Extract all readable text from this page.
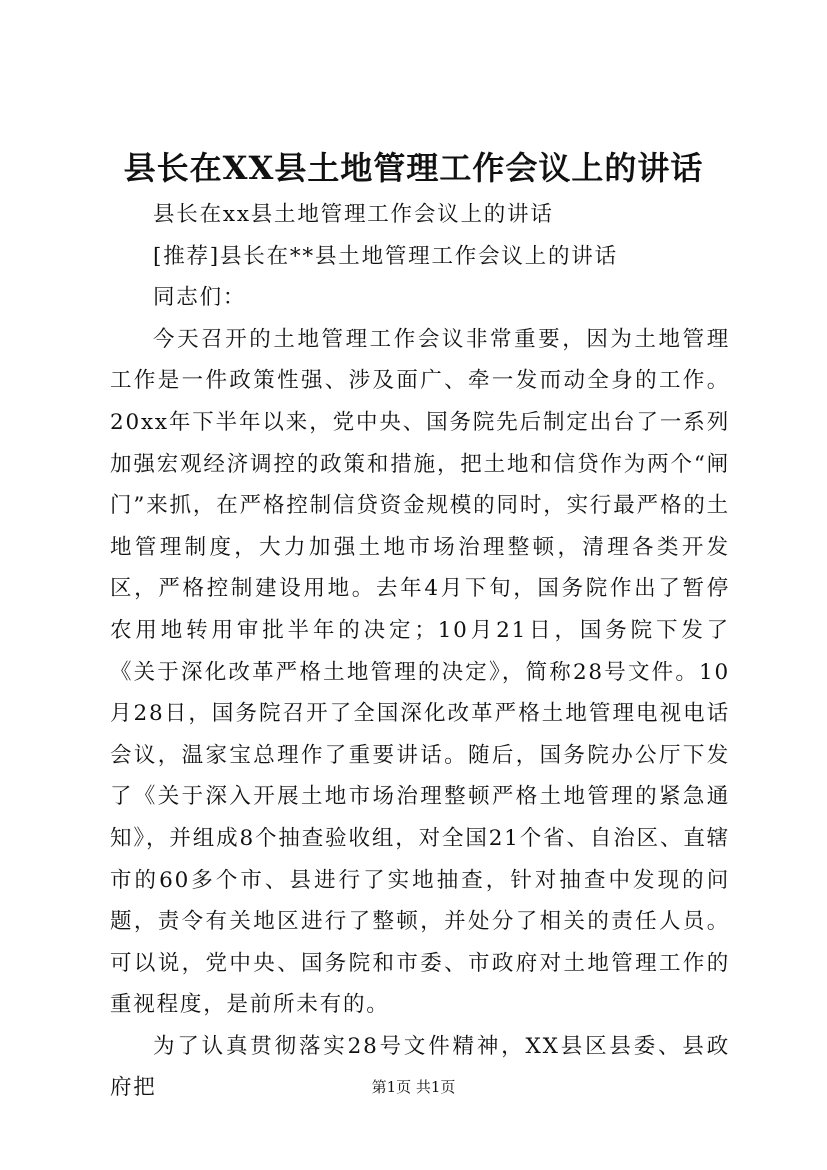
县长在XX县土地管理工作会议上的讲话

县长在xx县土地管理工作会议上的讲话

[推荐]县长在**县土地管理工作会议上的讲话

同志们：

今天召开的土地管理工作会议非常重要，因为土地管理工作是一件政策性强、涉及面广、牵一发而动全身的工作。20xx年下半年以来，党中央、国务院先后制定出台了一系列加强宏观经济调控的政策和措施，把土地和信贷作为两个“闸门”来抓，在严格控制信贷资金规模的同时，实行最严格的土地管理制度，大力加强土地市场治理整顿，清理各类开发区，严格控制建设用地。去年4月下旬，国务院作出了暂停农用地转用审批半年的决定；10月21日，国务院下发了《关于深化改革严格土地管理的决定》，简称28号文件。10月28日，国务院召开了全国深化改革严格土地管理电视电话会议，温家宝总理作了重要讲话。随后，国务院办公厅下发了《关于深入开展土地市场治理整顿严格土地管理的紧急通知》，并组成8个抽查验收组，对全国21个省、自治区、直辖市的60多个市、县进行了实地抽查，针对抽查中发现的问题，责令有关地区进行了整顿，并处分了相关的责任人员。可以说，党中央、国务院和市委、市政府对土地管理工作的重视程度，是前所未有的。

为了认真贯彻落实28号文件精神，XX县区县委、县政府把	第1页 共1页
